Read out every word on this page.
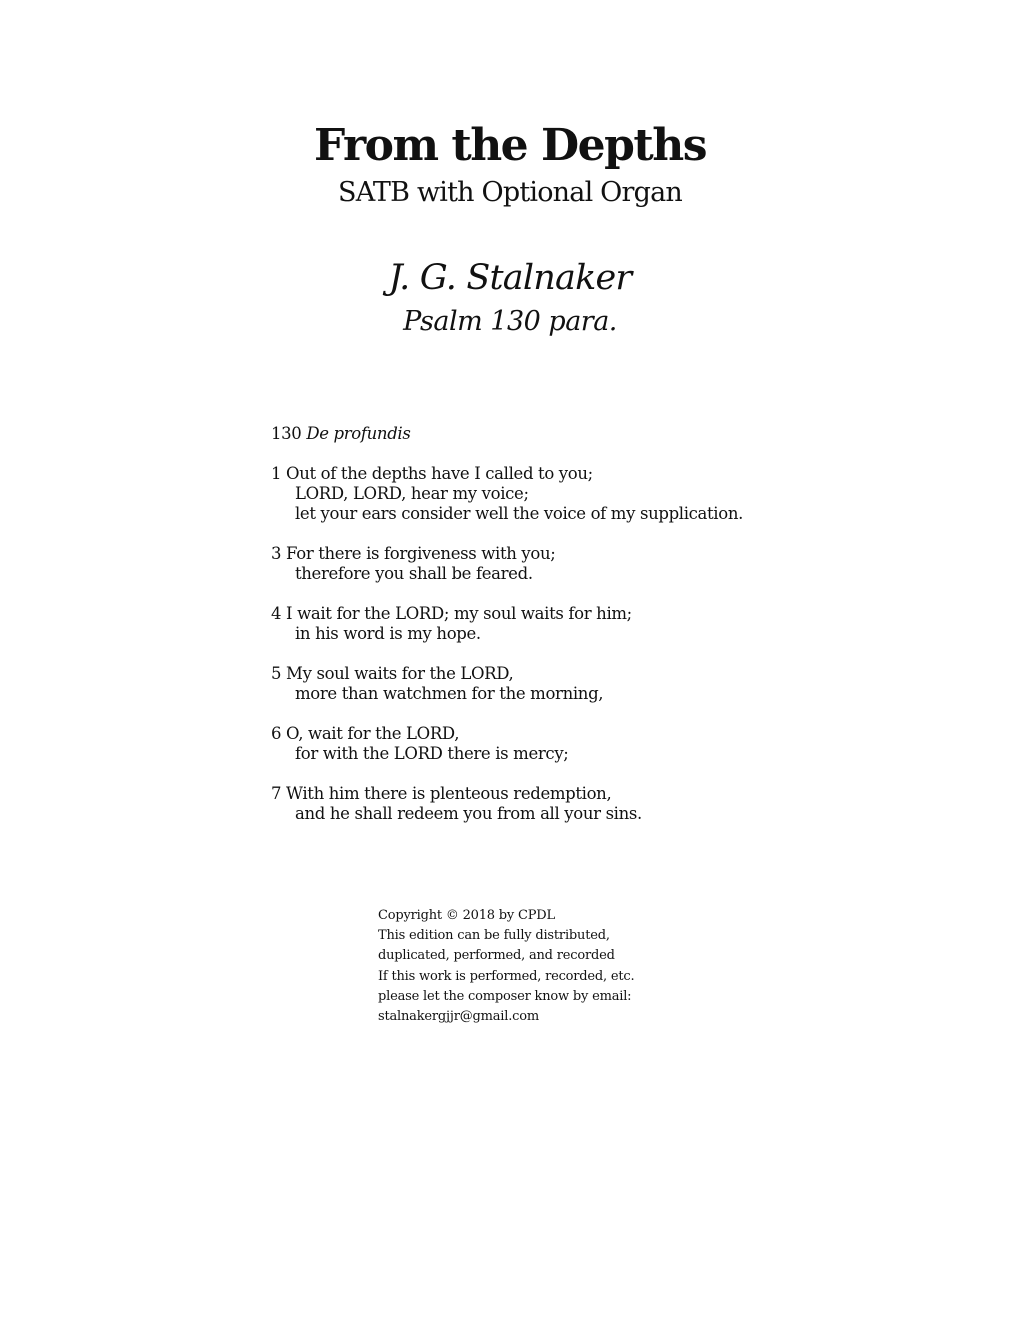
From the Depths
SATB with Optional Organ
J. G. Stalnaker
Psalm 130 para.
130 De profundis
1 Out of the depths have I called to you;
LORD, LORD, hear my voice;
let your ears consider well the voice of my supplication.
3 For there is forgiveness with you;
therefore you shall be feared.
4 I wait for the LORD; my soul waits for him;
in his word is my hope.
5 My soul waits for the LORD,
more than watchmen for the morning,
6 O, wait for the LORD,
for with the LORD there is mercy;
7 With him there is plenteous redemption,
and he shall redeem you from all your sins.
Copyright © 2018 by CPDL
This edition can be fully distributed,
duplicated, performed, and recorded
If this work is performed, recorded, etc.
please let the composer know by email:
stalnakergjjr@gmail.com
